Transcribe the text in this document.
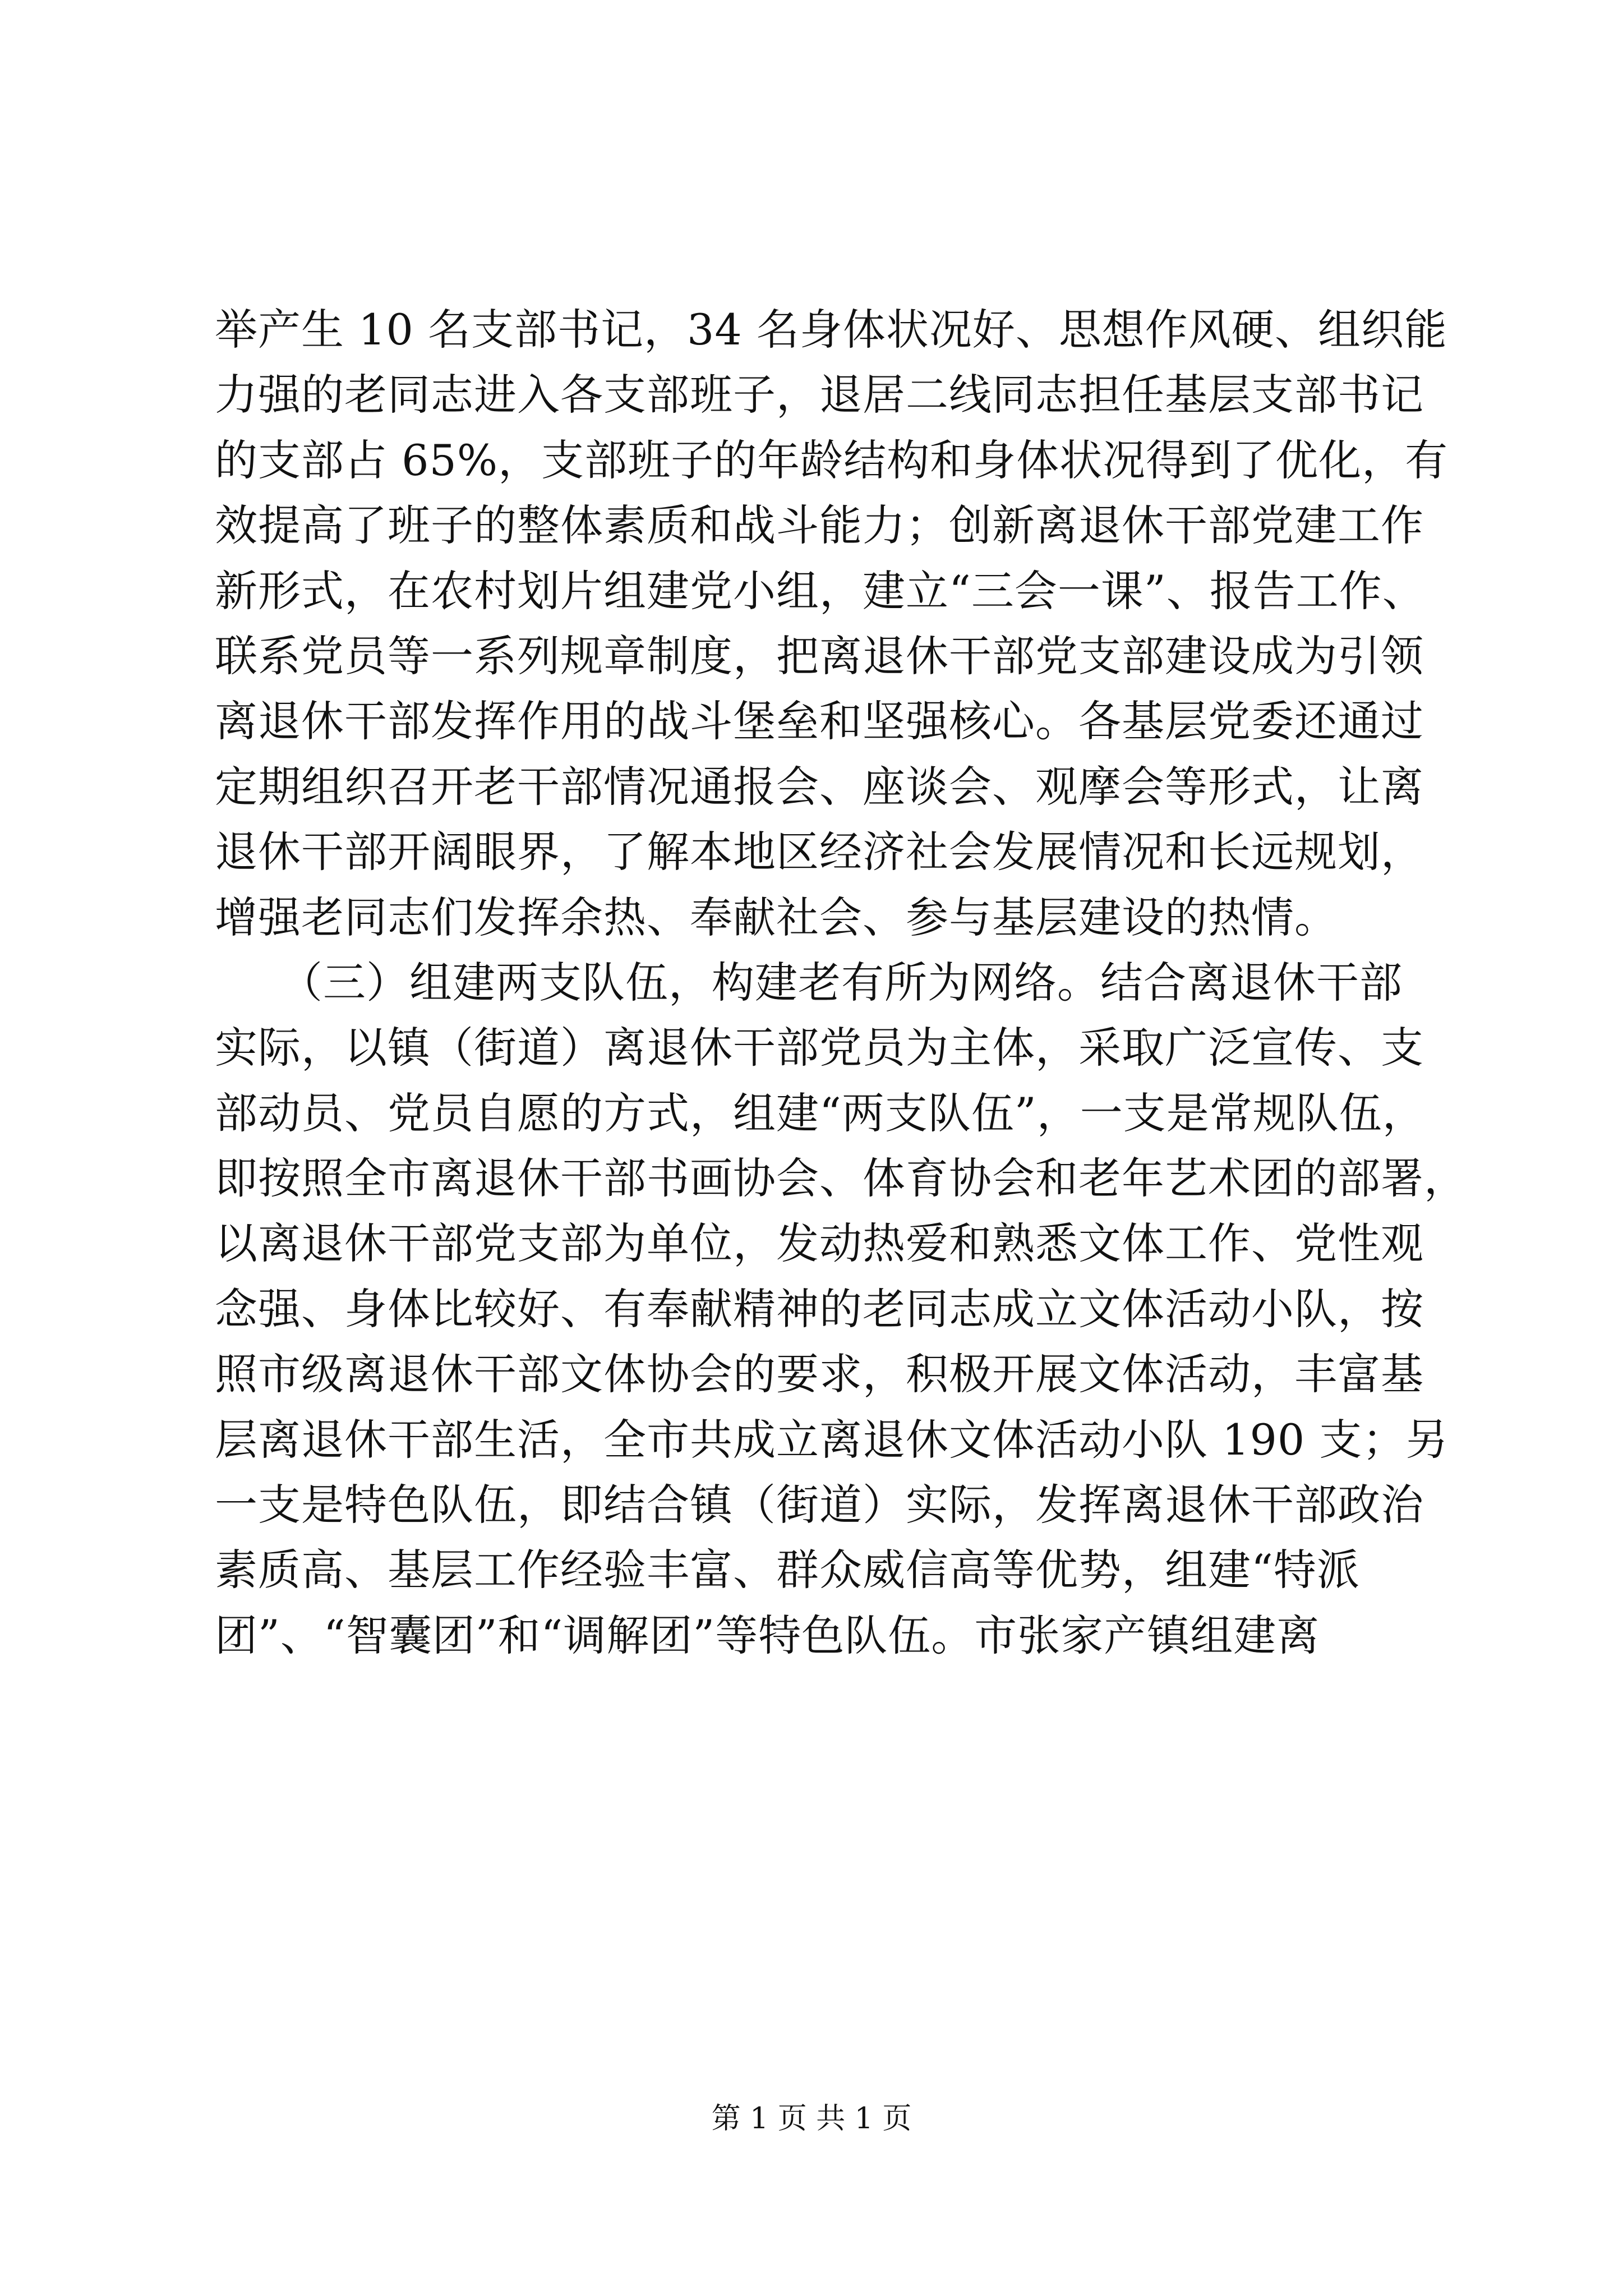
举产生 10 名支部书记，34 名身体状况好、思想作风硬、组织能
力强的老同志进入各支部班子，退居二线同志担任基层支部书记
的支部占 65%，支部班子的年龄结构和身体状况得到了优化，有
效提高了班子的整体素质和战斗能力；创新离退休干部党建工作
新形式，在农村划片组建党小组，建立“三会一课”、报告工作、
联系党员等一系列规章制度，把离退休干部党支部建设成为引领
离退休干部发挥作用的战斗堡垒和坚强核心。各基层党委还通过
定期组织召开老干部情况通报会、座谈会、观摩会等形式，让离
退休干部开阔眼界，了解本地区经济社会发展情况和长远规划，
增强老同志们发挥余热、奉献社会、参与基层建设的热情。
　　（三）组建两支队伍，构建老有所为网络。结合离退休干部
实际，以镇（街道）离退休干部党员为主体，采取广泛宣传、支
部动员、党员自愿的方式，组建“两支队伍”，一支是常规队伍，
即按照全市离退休干部书画协会、体育协会和老年艺术团的部署，
以离退休干部党支部为单位，发动热爱和熟悉文体工作、党性观
念强、身体比较好、有奉献精神的老同志成立文体活动小队，按
照市级离退休干部文体协会的要求，积极开展文体活动，丰富基
层离退休干部生活，全市共成立离退休文体活动小队 190 支；另
一支是特色队伍，即结合镇（街道）实际，发挥离退休干部政治
素质高、基层工作经验丰富、群众威信高等优势，组建“特派
团”、“智囊团”和“调解团”等特色队伍。市张家产镇组建离
第 1 页 共 1 页
